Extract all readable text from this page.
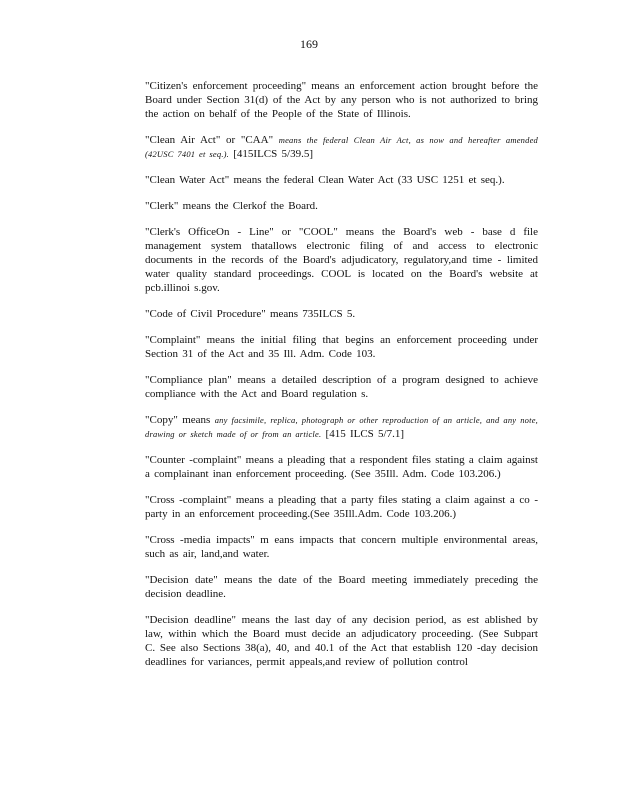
169

"Citizen's enforcement proceeding" means an enforcement action brought before the Board under Section 31(d) of the Act by any person who is not authorized to bring the action on behalf of the People of the State of Illinois.

"Clean Air Act" or "CAA" means the federal Clean Air Act, as now and hereafter amended (42USC 7401 et seq.). [415ILCS 5/39.5]

"Clean Water Act" means the federal Clean Water Act (33 USC 1251 et seq.).

"Clerk" means the Clerkof the Board.

"Clerk's OfficeOn - Line" or "COOL" means the Board's web - base d file management system thatallows electronic filing of and access to electronic documents in the records of the Board's adjudicatory, regulatory,and time - limited water quality standard proceedings. COOL is located on the Board's website at pcb.illinoi s.gov.

"Code of Civil Procedure" means 735ILCS 5.

"Complaint" means the initial filing that begins an enforcement proceeding under Section 31 of the Act and 35 Ill. Adm. Code 103.

"Compliance plan" means a detailed description of a program designed to achieve compliance with the Act and Board regulation s.

"Copy" means any facsimile, replica, photograph or other reproduction of an article, and any note, drawing or sketch made of or from an article. [415 ILCS 5/7.1]

"Counter -complaint" means a pleading that a respondent files stating a claim against a complainant inan enforcement proceeding. (See 35Ill. Adm. Code 103.206.)

"Cross -complaint" means a pleading that a party files stating a claim against a co - party in an enforcement proceeding.(See 35Ill.Adm. Code 103.206.)

"Cross -media impacts" m eans impacts that concern multiple environmental areas, such as air, land,and water.

"Decision date" means the date of the Board meeting immediately preceding the decision deadline.

"Decision deadline" means the last day of any decision period, as est ablished by law, within which the Board must decide an adjudicatory proceeding. (See Subpart C. See also Sections 38(a), 40, and 40.1 of the Act that establish 120 -day decision deadlines for variances, permit appeals,and review of pollution control
